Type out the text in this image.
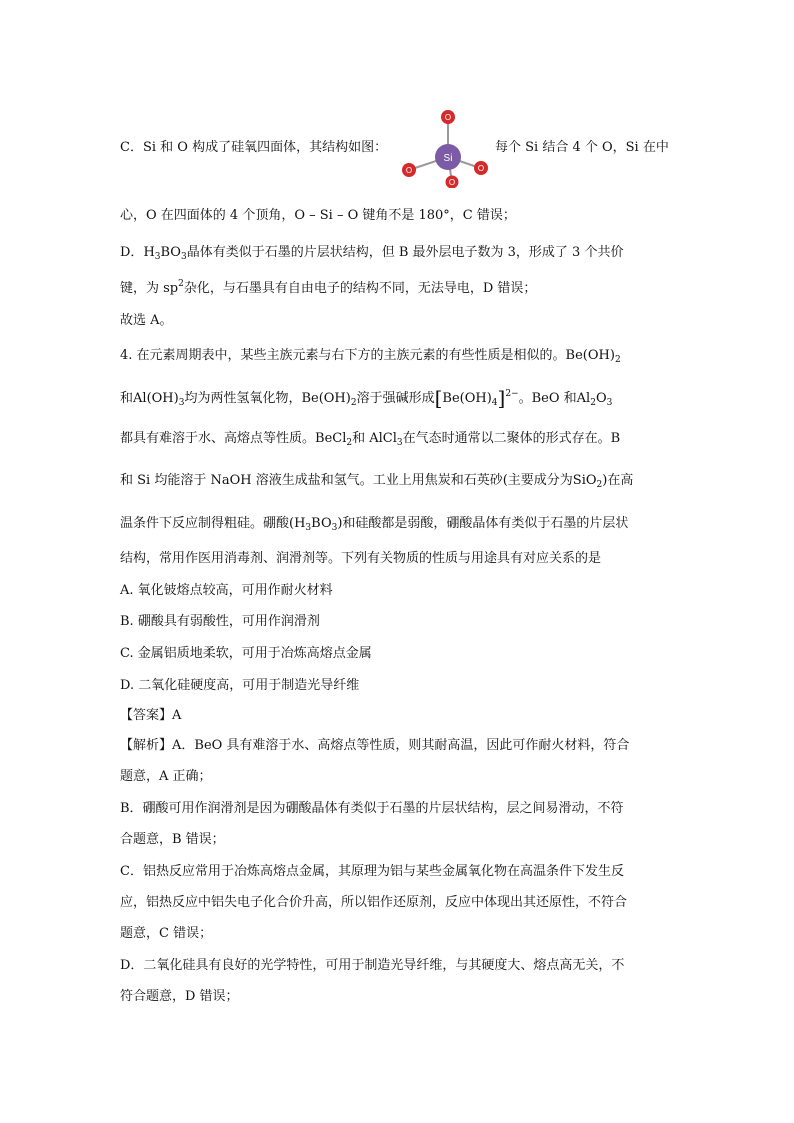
C．Si 和 O 构成了硅氧四面体，其结构如图：
Si
O
O
O
O
每个 Si 结合 4 个 O，Si 在中
心，O 在四面体的 4 个顶角，O – Si – O 键角不是 180°，C 错误；
D．$H_3BO_3$晶体有类似于石墨的片层状结构，但 B 最外层电子数为 3，形成了 3 个共价
键，为 $sp^2$杂化，与石墨具有自由电子的结构不同，无法导电，D 错误；
故选 A。
4. 在元素周期表中，某些主族元素与右下方的主族元素的有些性质是相似的。$Be(OH)_2$
和$Al(OH)_3$均为两性氢氧化物，$Be(OH)_2$溶于强碱形成$[Be(OH)_4]^{2-}$。BeO 和$Al_2O_3$
都具有难溶于水、高熔点等性质。BeCl$_2$和 AlCl$_3$在气态时通常以二聚体的形式存在。B
和 Si 均能溶于 NaOH 溶液生成盐和氢气。工业上用焦炭和石英砂(主要成分为SiO$_2$)在高
温条件下反应制得粗硅。硼酸$(H_3BO_3)$和硅酸都是弱酸，硼酸晶体有类似于石墨的片层状
结构，常用作医用消毒剂、润滑剂等。下列有关物质的性质与用途具有对应关系的是
A. 氧化铍熔点较高，可用作耐火材料
B. 硼酸具有弱酸性，可用作润滑剂
C. 金属铝质地柔软，可用于冶炼高熔点金属
D. 二氧化硅硬度高，可用于制造光导纤维
【答案】A
【解析】A．BeO 具有难溶于水、高熔点等性质，则其耐高温，因此可作耐火材料，符合
题意，A 正确；
B．硼酸可用作润滑剂是因为硼酸晶体有类似于石墨的片层状结构，层之间易滑动，不符
合题意，B 错误；
C．铝热反应常用于冶炼高熔点金属，其原理为铝与某些金属氧化物在高温条件下发生反
应，铝热反应中铝失电子化合价升高，所以铝作还原剂，反应中体现出其还原性，不符合
题意，C 错误；
D．二氧化硅具有良好的光学特性，可用于制造光导纤维，与其硬度大、熔点高无关，不
符合题意，D 错误；
